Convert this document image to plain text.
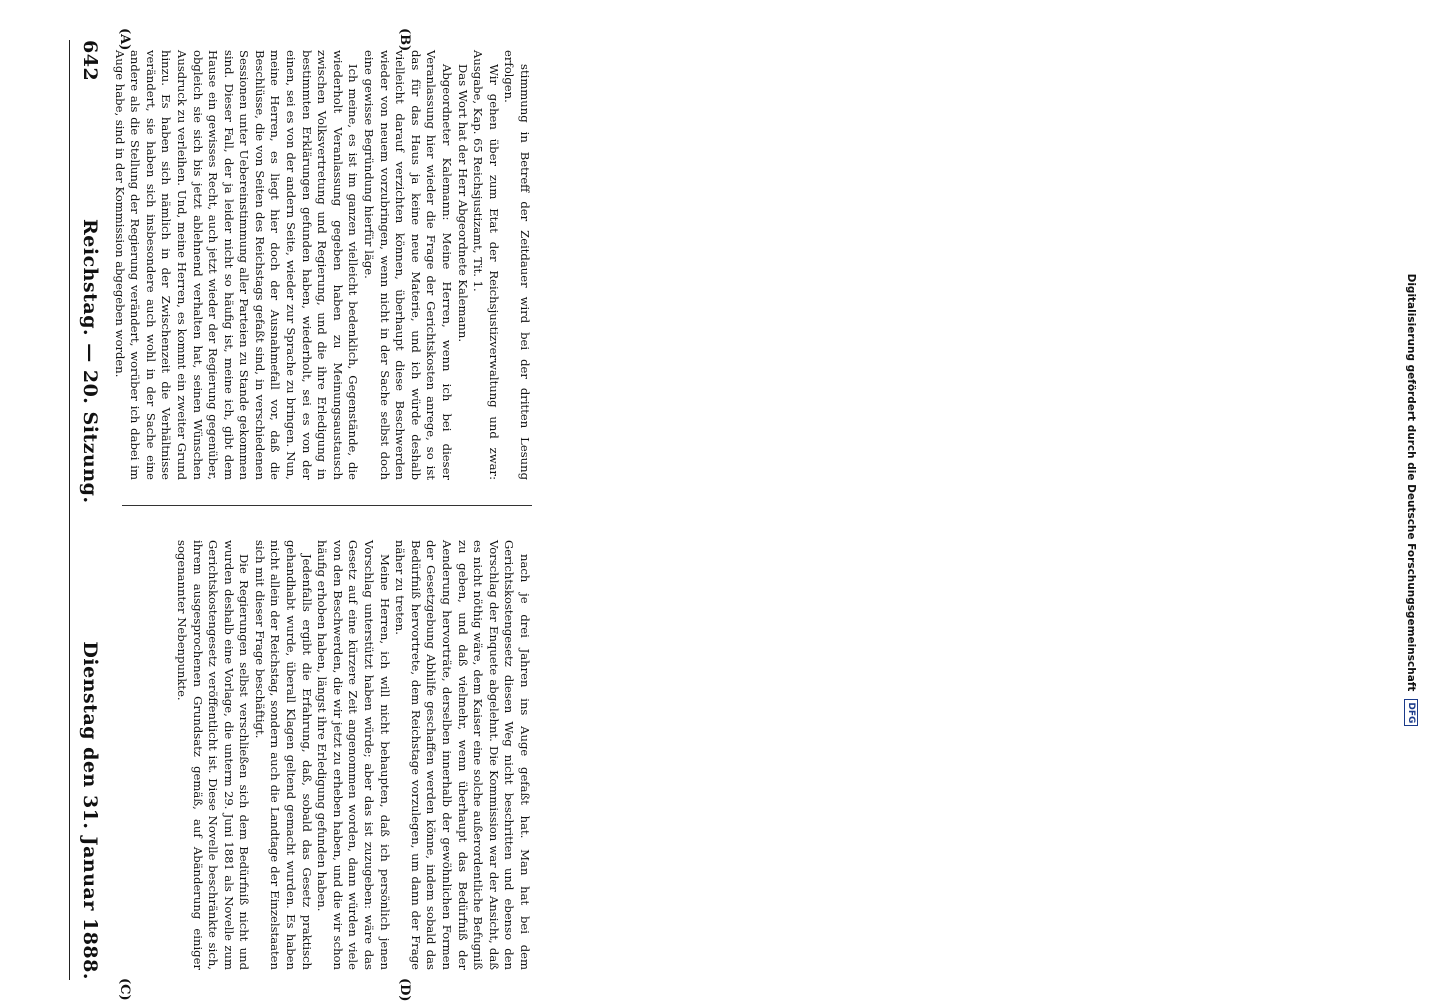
642
Reichstag. — 20. Sitzung.
Dienstag den 31. Januar 1888.
(A)	(B)
(C)	(D)

stimmung in Betreff der Zeitdauer wird bei der dritten Lesung erfolgen.

Wir gehen über zum Etat der Reichsjustizverwaltung und zwar: Ausgabe, Kap. 65 Reichsjustizamt, Tit. 1.

Das Wort hat der Herr Abgeordnete Kalemann.

Abgeordneter Kalemann: Meine Herren, wenn ich bei dieser Veranlassung hier wieder die Frage der Gerichtskosten anrege, so ist das für das Haus ja keine neue Materie, und ich würde deshalb vielleicht darauf verzichten können, überhaupt diese Beschwerden wieder von neuem vorzubringen, wenn nicht in der Sache selbst doch eine gewisse Begründung hierfür läge.

Ich meine, es ist im ganzen vielleicht bedenklich, Gegenstände, die wiederholt Veranlassung gegeben haben zu Meinungsaustausch zwischen Volksvertretung und Regierung, und die ihre Erledigung in bestimmten Erklärungen gefunden haben, wiederholt, sei es von der einen, sei es von der andern Seite, wieder zur Sprache zu bringen. Nun, meine Herren, es liegt hier doch der Ausnahmefall vor, daß die Beschlüsse, die von Seiten des Reichstags gefaßt sind, in verschiedenen Sessionen unter Uebereinstimmung aller Parteien zu Stande gekommen sind. Dieser Fall, der ja leider nicht so häufig ist, meine ich, gibt dem Hause ein gewisses Recht, auch jetzt wieder der Regierung gegenüber, obgleich sie sich bis jetzt ablehnend verhalten hat, seinen Wünschen Ausdruck zu verleihen. Und, meine Herren, es kommt ein zweiter Grund hinzu. Es haben sich nämlich in der Zwischenzeit die Verhältnisse verändert, sie haben sich insbesondere auch wohl in der Sache eine andere als die Stellung der Regierung verändert, worüber ich dabei im Auge habe, sind in der Kommission abgegeben worden.

nach je drei Jahren ins Auge gefaßt hat. Man hat bei dem Gerichtskostengesetz diesen Weg nicht beschritten und ebenso den Vorschlag der Enquete abgelehnt. Die Kommission war der Ansicht, daß es nicht nöthig wäre, dem Kaiser eine solche außerordentliche Befugniß zu geben, und daß vielmehr, wenn überhaupt das Bedürfniß der Aenderung hervorträte, derselben innerhalb der gewöhnlichen Formen der Gesetzgebung Abhilfe geschaffen werden könne, indem sobald das Bedürfniß hervortrete, dem Reichstage vorzulegen, um dann der Frage näher zu treten.

Meine Herren, ich will nicht behaupten, daß ich persönlich jenen Vorschlag unterstützt haben würde; aber das ist zuzugeben: wäre das Gesetz auf eine kürzere Zeit angenommen worden, dann würden viele von den Beschwerden, die wir jetzt zu erheben haben, und die wir schon häufig erhoben haben, längst ihre Erledigung gefunden haben.

Jedenfalls ergibt die Erfahrung, daß, sobald das Gesetz praktisch gehandhabt wurde, überall Klagen geltend gemacht wurden. Es haben nicht allein der Reichstag, sondern auch die Landtage der Einzelstaaten sich mit dieser Frage beschäftigt.

Die Regierungen selbst verschließen sich dem Bedürfniß nicht und wurden deshalb eine Vorlage, die unterm 29. Juni 1881 als Novelle zum Gerichtskostengesetz veröffentlicht ist. Diese Novelle beschränkte sich, ihrem ausgesprochenen Grundsatz gemäß, auf Abänderung einiger sogenannter Nebenpunkte.	Digitalisierung gefördert durch die Deutsche Forschungsgemeinschaft
DFG
